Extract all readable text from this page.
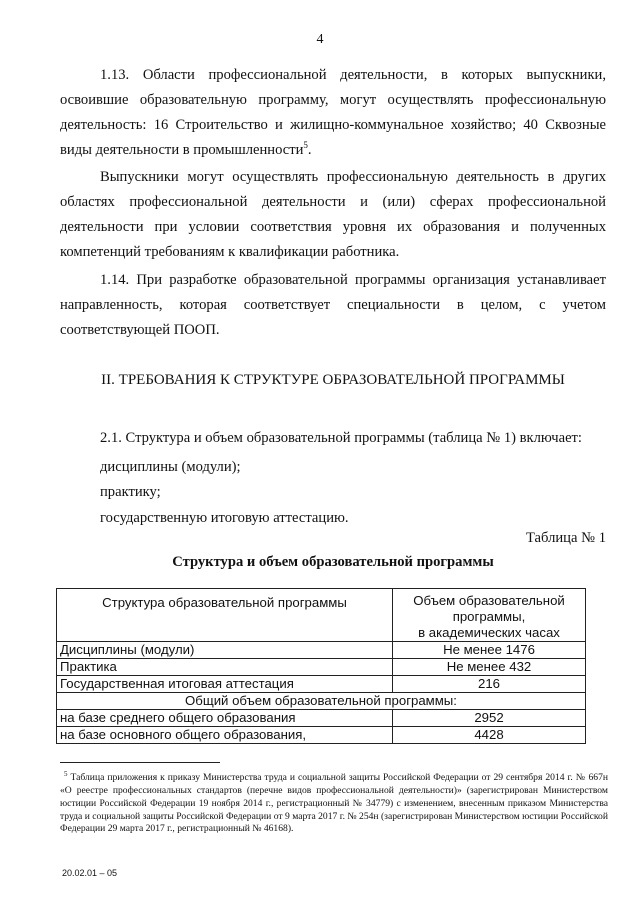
4

1.13. Области профессиональной деятельности, в которых выпускники, освоившие образовательную программу, могут осуществлять профессиональную деятельность: 16 Строительство и жилищно-коммунальное хозяйство; 40 Сквозные виды деятельности в промышленности$^5$.

Выпускники могут осуществлять профессиональную деятельность в других областях профессиональной деятельности и (или) сферах профессиональной деятельности при условии соответствия уровня их образования и полученных компетенций требованиям к квалификации работника.

1.14. При разработке образовательной программы организация устанавливает направленность, которая соответствует специальности в целом, с учетом соответствующей ПООП.

II. ТРЕБОВАНИЯ К СТРУКТУРЕ ОБРАЗОВАТЕЛЬНОЙ ПРОГРАММЫ

2.1. Структура и объем образовательной программы (таблица № 1) включает:

дисциплины (модули);

практику;

государственную итоговую аттестацию.

Таблица № 1
Структура и объем образовательной программы
Структура образовательной программы	Объем образовательной
программы,
в академических часах
Дисциплины (модули)	Не менее 1476
Практика	Не менее 432
Государственная итоговая аттестация	216
Общий объем образовательной программы:	
на базе среднего общего образования	2952
на базе основного общего образования,	4428

$^5$ Таблица приложения к приказу Министерства труда и социальной защиты Российской Федерации от 29 сентября 2014 г. № 667н «О реестре профессиональных стандартов (перечне видов профессиональной деятельности)» (зарегистрирован Министерством юстиции Российской Федерации 19 ноября 2014 г., регистрационный № 34779) с изменением, внесенным приказом Министерства труда и социальной защиты Российской Федерации от 9 марта 2017 г. № 254н (зарегистрирован Министерством юстиции Российской Федерации 29 марта 2017 г., регистрационный № 46168).

20.02.01 – 05
